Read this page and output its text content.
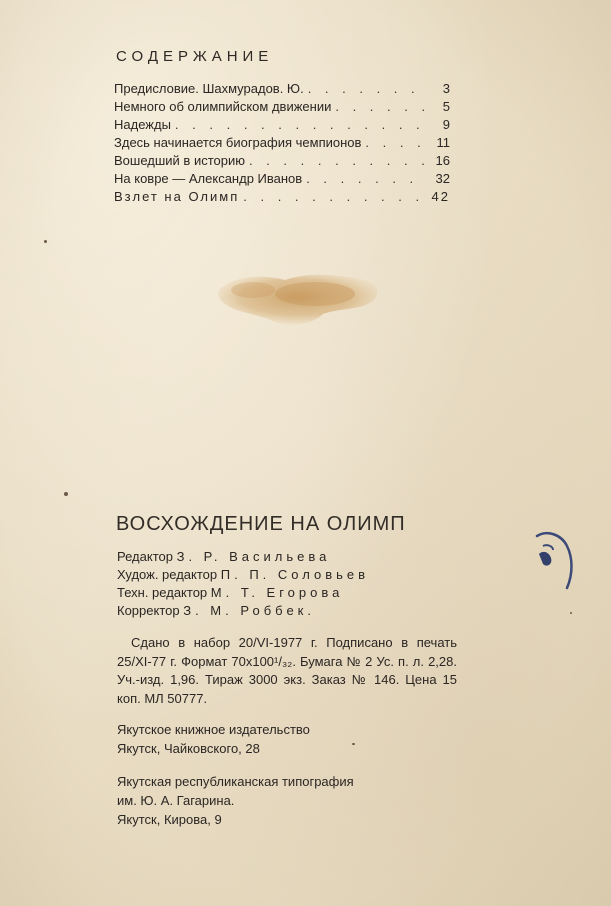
СОДЕРЖАНИЕ
Предисловие. Шахмурадов. Ю. . . .	3
Немного об олимпийском движении . . .	5
Надежды . . .	9
Здесь начинается биография чемпионов . . .	11
Вошедший в историю . . .	16
На ковре — Александр Иванов . . .	32
Взлет на Олимп . . .	42
ВОСХОЖДЕНИЕ НА ОЛИМП
Редактор З. Р. Васильева
Худож. редактор П. П. Соловьев
Техн. редактор М. Т. Егорова
Корректор З. М. Роббек.

Сдано в набор 20/VI-1977 г. Подписано в печать 25/XI-77 г. Формат 70x100¹/₃₂. Бумага № 2 Ус. п. л. 2,28. Уч.-изд. 1,96. Тираж 3000 экз. Заказ № 146. Цена 15 коп. МЛ 50777.

Якутское книжное издательство
Якутск, Чайковского, 28
Якутская республиканская типография
им. Ю. А. Гагарина.
Якутск, Кирова, 9
